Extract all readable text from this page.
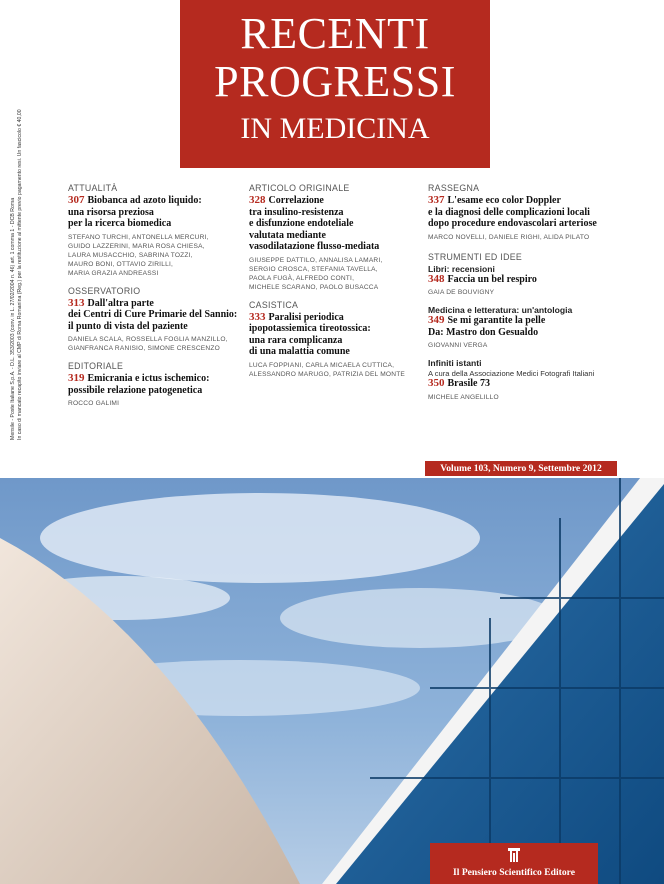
RECENTI
PROGRESSI
IN MEDICINA
Mensile - Poste Italiane S.p.A. - D.L. 353/2003 (conv. in L. 27/02/2004 n. 46) art. 1 comma 1 - DCB Roma In caso di mancato recapito inviare al CMP di Roma Romanina (Reg.) per la restituzione al mittente previo pagamento resi. Un fascicolo € 40,00	ATTUALITÀ
307 Biobanca ad azoto liquido:
una risorsa preziosa
per la ricerca biomedica
STEFANO TURCHI, ANTONELLA MERCURI,
GUIDO LAZZERINI, MARIA ROSA CHIESA,
LAURA MUSACCHIO, SABRINA TOZZI,
MAURO BONI, OTTAVIO ZIRILLI,
MARIA GRAZIA ANDREASSI
OSSERVATORIO
313 Dall'altra parte
dei Centri di Cure Primarie del Sannio:
il punto di vista del paziente
DANIELA SCALA, ROSSELLA FOGLIA MANZILLO,
GIANFRANCA RANISIO, SIMONE CRESCENZO
EDITORIALE
319 Emicrania e ictus ischemico:
possibile relazione patogenetica
ROCCO GALIMI
ARTICOLO ORIGINALE
328 Correlazione
tra insulino-resistenza
e disfunzione endoteliale
valutata mediante
vasodilatazione flusso-mediata
GIUSEPPE DATTILO, ANNALISA LAMARI,
SERGIO CROSCA, STEFANIA TAVELLA,
PAOLA FUGÀ, ALFREDO CONTI,
MICHELE SCARANO, PAOLO BUSACCA
CASISTICA
333 Paralisi periodica
ipopotassiemica tireotossica:
una rara complicanza
di una malattia comune
LUCA FOPPIANI, CARLA MICAELA CUTTICA,
ALESSANDRO MARUGO, PATRIZIA DEL MONTE
RASSEGNA
337 L'esame eco color Doppler
e la diagnosi delle complicazioni locali
dopo procedure endovascolari arteriose
MARCO NOVELLI, DANIELE RIGHI, ALIDA PILATO
STRUMENTI ED IDEE
Libri: recensioni
348 Faccia un bel respiro
GAIA DE BOUVIGNY
Medicina e letteratura: un'antologia
349 Se mi garantite la pelle
Da: Mastro don Gesualdo
GIOVANNI VERGA
Infiniti istanti
A cura della Associazione Medici Fotografi Italiani
350 Brasile 73
MICHELE ANGELILLO
Volume 103, Numero 9, Settembre 2012
Il Pensiero Scientifico Editore
